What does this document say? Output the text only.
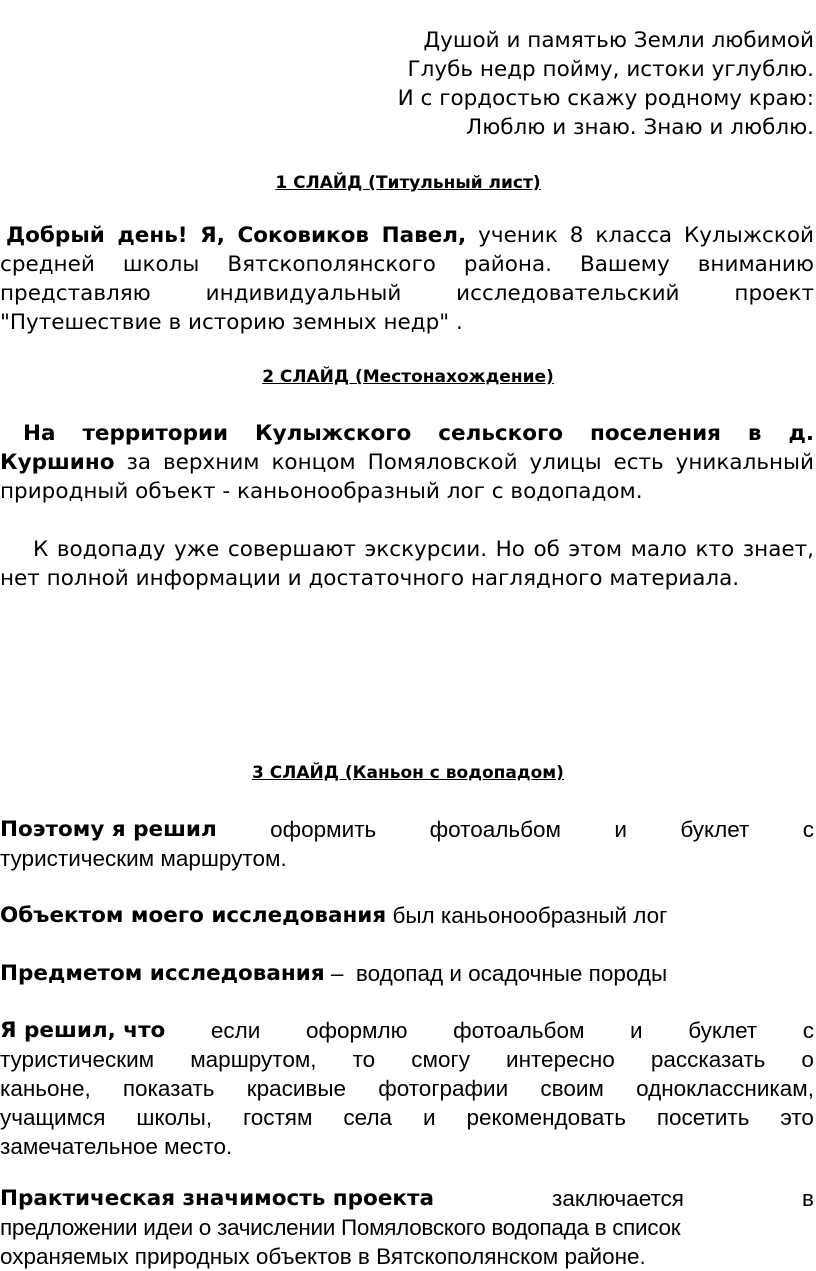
Душой и памятью Земли любимой
Глубь недр пойму, истоки углублю.
И с гордостью скажу родному краю:
Люблю и знаю. Знаю и люблю.
1 СЛАЙД (Титульный лист)
Добрый день! Я, Соковиков Павел, ученик 8 класса Кулыжской средней школы Вятскополянского района. Вашему вниманию представляю индивидуальный исследовательский проект "Путешествие в историю земных недр" .
2 СЛАЙД (Местонахождение)
На территории Кулыжского сельского поселения в д. Куршино за верхним концом Помяловской улицы есть уникальный природный объект - каньонообразный лог с водопадом.
К водопаду уже совершают экскурсии. Но об этом мало кто знает, нет полной информации и достаточного наглядного материала.
3 СЛАЙД (Каньон с водопадом)
Поэтому я решил оформить фотоальбом и буклет с
туристическим маршрутом.
Объектом моего исследования был каньонообразный лог
Предметом исследования –  водопад и осадочные породы
Я решил, что если оформлю фотоальбом и буклет с
туристическим маршрутом, то смогу интересно рассказать о
каньоне, показать красивые фотографии своим одноклассникам,
учащимся школы, гостям села и рекомендовать посетить это
замечательное место.
Практическая значимость проекта	заключается	в
предложении идеи о зачислении Помяловского водопада в список
охраняемых природных объектов в Вятскополянском районе.
